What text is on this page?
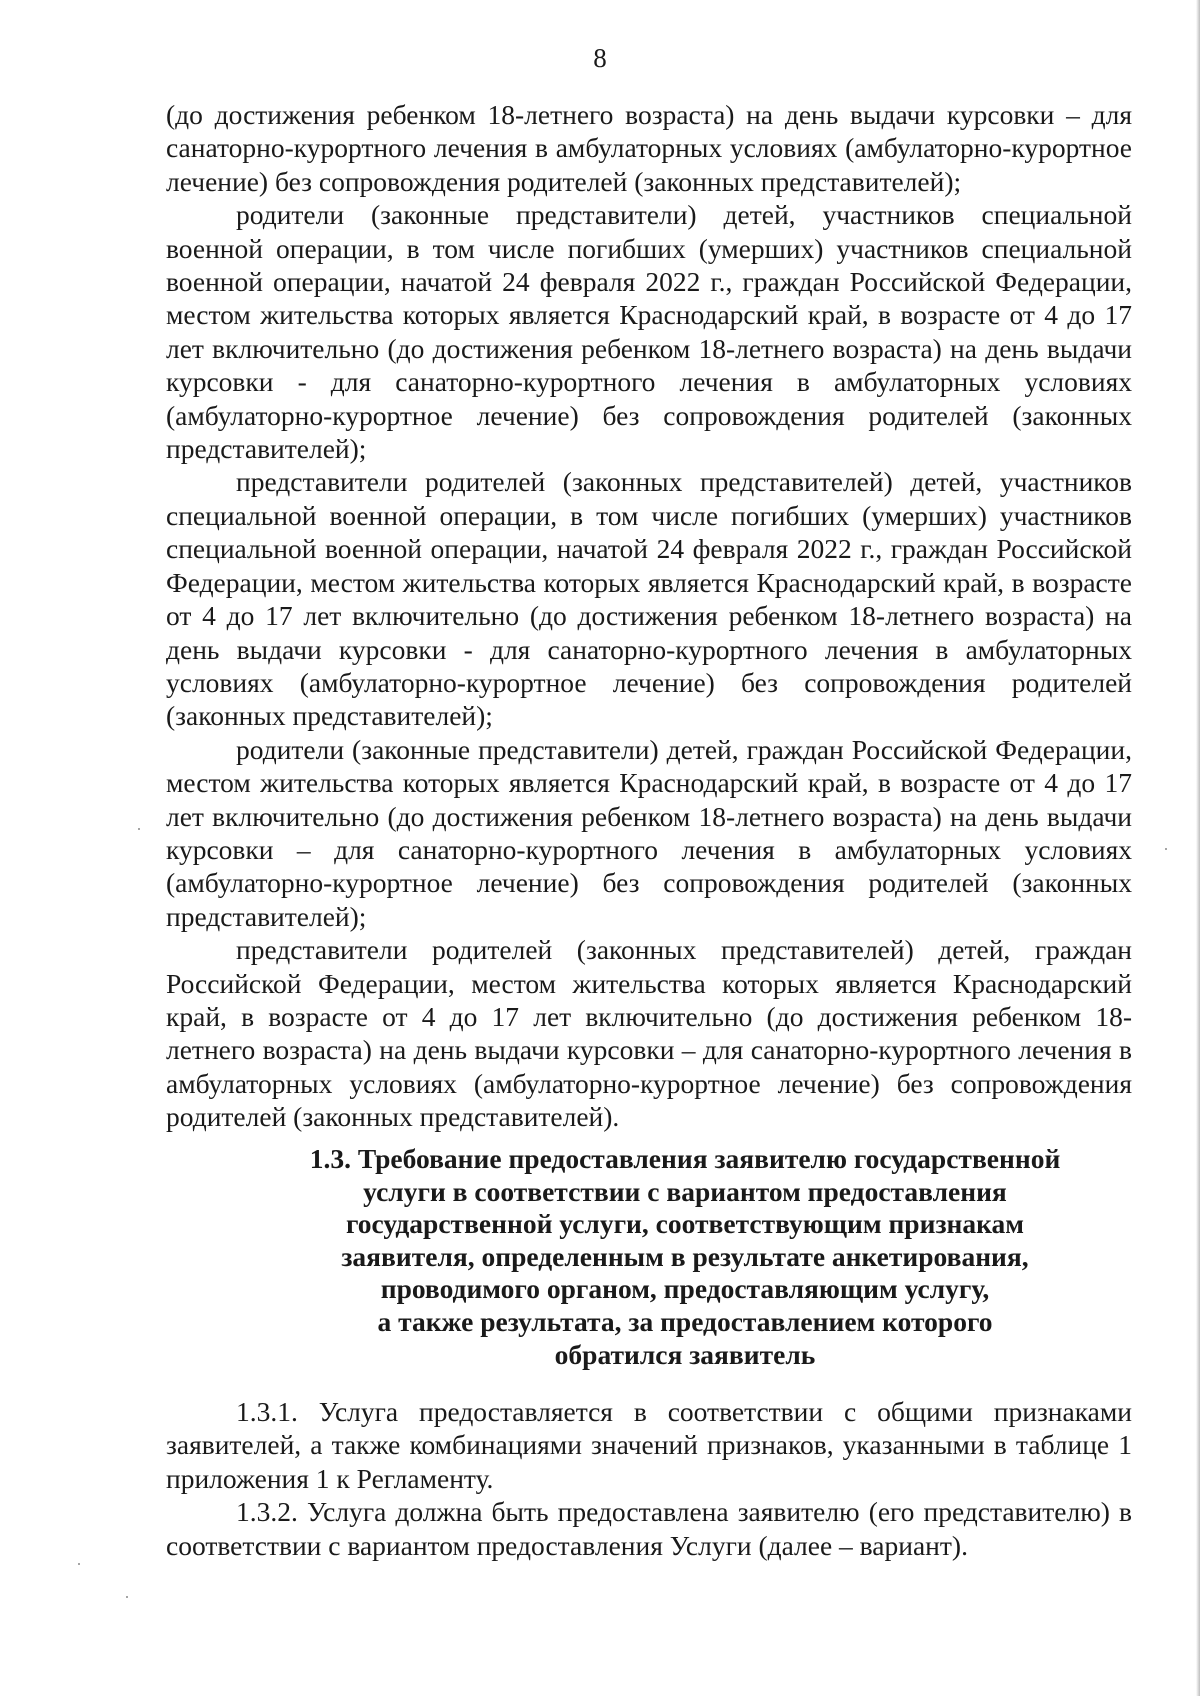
8

(до достижения ребенком 18-летнего возраста) на день выдачи курсовки – для санаторно-курортного лечения в амбулаторных условиях (амбулаторно-курортное лечение) без сопровождения родителей (законных представителей);

родители (законные представители) детей, участников специальной военной операции, в том числе погибших (умерших) участников специальной военной операции, начатой 24 февраля 2022 г., граждан Российской Федерации, местом жительства которых является Краснодарский край, в возрасте от 4 до 17 лет включительно (до достижения ребенком 18-летнего возраста) на день выдачи курсовки - для санаторно-курортного лечения в амбулаторных условиях (амбулаторно-курортное лечение) без сопровождения родителей (законных представителей);

представители родителей (законных представителей) детей, участников специальной военной операции, в том числе погибших (умерших) участников специальной военной операции, начатой 24 февраля 2022 г., граждан Российской Федерации, местом жительства которых является Краснодарский край, в возрасте от 4 до 17 лет включительно (до достижения ребенком 18-летнего возраста) на день выдачи курсовки - для санаторно-курортного лечения в амбулаторных условиях (амбулаторно-курортное лечение) без сопровождения родителей (законных представителей);

родители (законные представители) детей, граждан Российской Федерации, местом жительства которых является Краснодарский край, в возрасте от 4 до 17 лет включительно (до достижения ребенком 18-летнего возраста) на день выдачи курсовки – для санаторно-курортного лечения в амбулаторных условиях (амбулаторно-курортное лечение) без сопровождения родителей (законных представителей);

представители родителей (законных представителей) детей, граждан Российской Федерации, местом жительства которых является Краснодарский край, в возрасте от 4 до 17 лет включительно (до достижения ребенком 18-летнего возраста) на день выдачи курсовки – для санаторно-курортного лечения в амбулаторных условиях (амбулаторно-курортное лечение) без сопровождения родителей (законных представителей).

1.3. Требование предоставления заявителю государственной
услуги в соответствии с вариантом предоставления
государственной услуги, соответствующим признакам
заявителя, определенным в результате анкетирования,
проводимого органом, предоставляющим услугу,
а также результата, за предоставлением которого
обратился заявитель

1.3.1. Услуга предоставляется в соответствии с общими признаками заявителей, а также комбинациями значений признаков, указанными в таблице 1 приложения 1 к Регламенту.

1.3.2. Услуга должна быть предоставлена заявителю (его представителю) в соответствии с вариантом предоставления Услуги (далее – вариант).
